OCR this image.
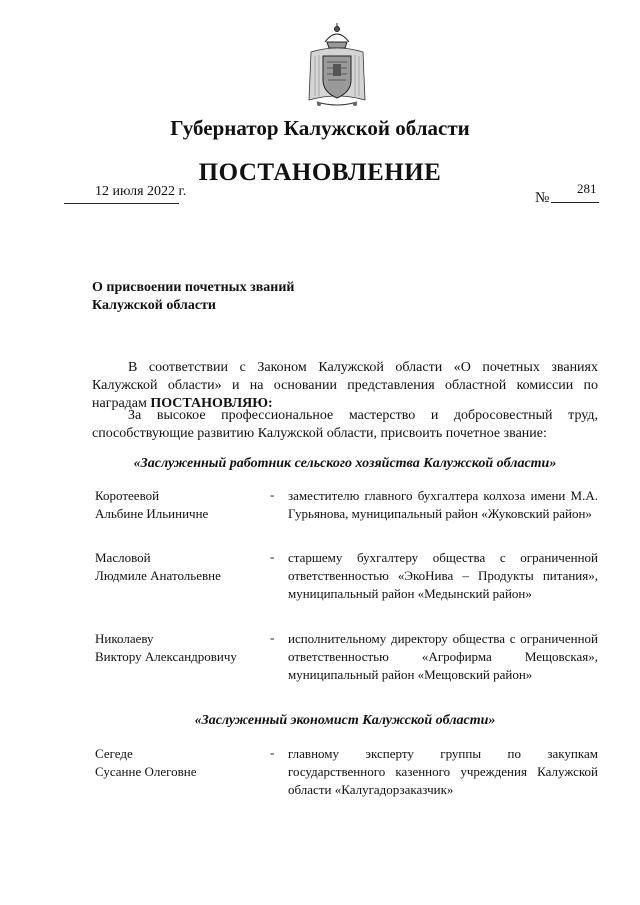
Губернатор Калужской области
ПОСТАНОВЛЕНИЕ
12 июля 2022 г.	№
281
О присвоении почетных званий
Калужской области
В соответствии с Законом Калужской области «О почетных званиях Калужской области» и на основании представления областной комиссии по наградам ПОСТАНОВЛЯЮ:
За высокое профессиональное мастерство и добросовестный труд, способствующие развитию Калужской области, присвоить почетное звание:
«Заслуженный работник сельского хозяйства Калужской области»
Коротеевой
Альбине Ильиничне
- заместителю главного бухгалтера колхоза имени М.А. Гурьянова, муниципальный район «Жуковский район»
Масловой
Людмиле Анатольевне
- старшему бухгалтеру общества с ограниченной ответственностью «ЭкоНива – Продукты питания», муниципальный район «Медынский район»
Николаеву
Виктору Александровичу
- исполнительному директору общества с ограниченной ответственностью «Агрофирма Мещовская», муниципальный район «Мещовский район»
«Заслуженный экономист Калужской области»
Сегеде
Сусанне Олеговне
- главному эксперту группы по закупкам государственного казенного учреждения Калужской области «Калугадорзаказчик»
